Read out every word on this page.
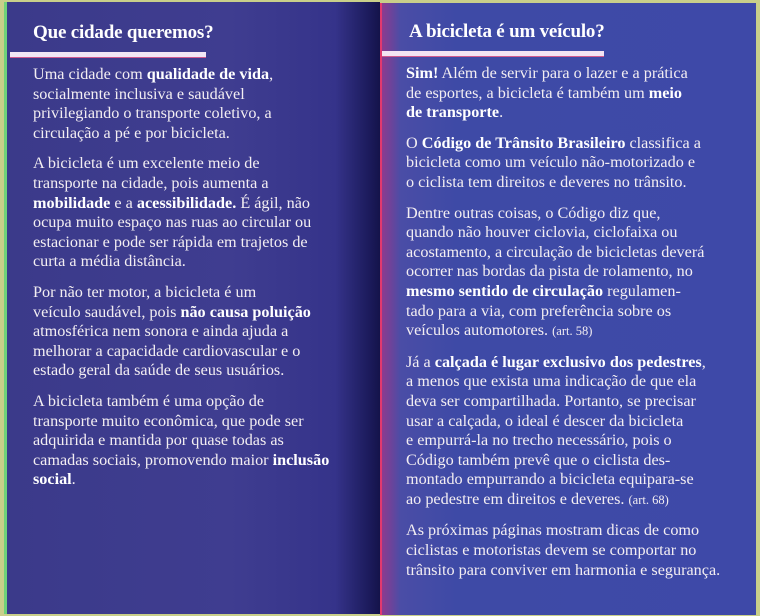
Que cidade queremos?
Uma cidade com qualidade de vida,
socialmente inclusiva e saudável
privilegiando o transporte coletivo, a
circulação a pé e por bicicleta.
A bicicleta é um excelente meio de
transporte na cidade, pois aumenta a
mobilidade e a acessibilidade. É ágil, não
ocupa muito espaço nas ruas ao circular ou
estacionar e pode ser rápida em trajetos de
curta a média distância.
Por não ter motor, a bicicleta é um
veículo saudável, pois não causa poluição
atmosférica nem sonora e ainda ajuda a
melhorar a capacidade cardiovascular e o
estado geral da saúde de seus usuários.
A bicicleta também é uma opção de
transporte muito econômica, que pode ser
adquirida e mantida por quase todas as
camadas sociais, promovendo maior inclusão
social.
A bicicleta é um veículo?
Sim! Além de servir para o lazer e a prática
de esportes, a bicicleta é também um meio
de transporte.
O Código de Trânsito Brasileiro classifica a
bicicleta como um veículo não-motorizado e
o ciclista tem direitos e deveres no trânsito.
Dentre outras coisas, o Código diz que,
quando não houver ciclovia, ciclofaixa ou
acostamento, a circulação de bicicletas deverá
ocorrer nas bordas da pista de rolamento, no
mesmo sentido de circulação regulamen-
tado para a via, com preferência sobre os
veículos automotores. (art. 58)
Já a calçada é lugar exclusivo dos pedestres,
a menos que exista uma indicação de que ela
deva ser compartilhada. Portanto, se precisar
usar a calçada, o ideal é descer da bicicleta
e empurrá-la no trecho necessário, pois o
Código também prevê que o ciclista des-
montado empurrando a bicicleta equipara-se
ao pedestre em direitos e deveres. (art. 68)
As próximas páginas mostram dicas de como
ciclistas e motoristas devem se comportar no
trânsito para conviver em harmonia e segurança.
